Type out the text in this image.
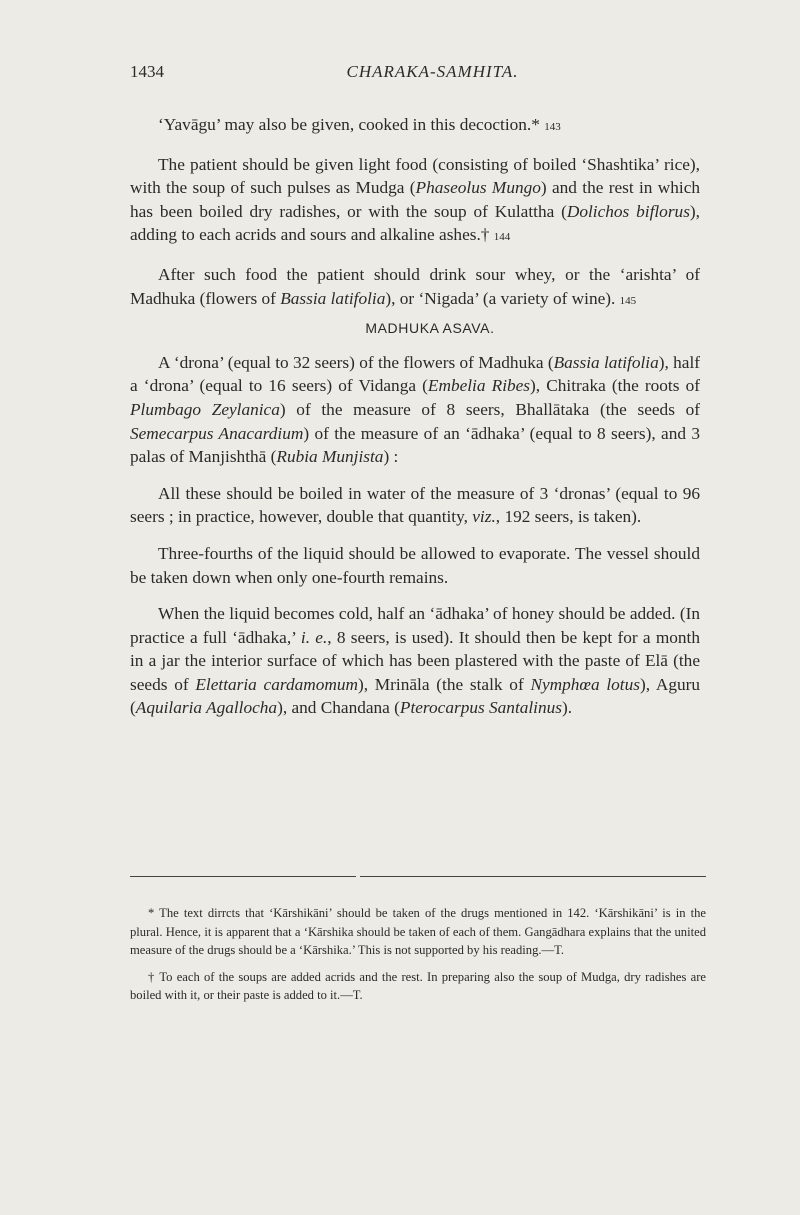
1434	CHARAKA-SAMHITA.

‘Yavāgu’ may also be given, cooked in this decoction.* 143

The patient should be given light food (consisting of boiled ‘Shashtika’ rice), with the soup of such pulses as Mudga (Phaseolus Mungo) and the rest in which has been boiled dry radishes, or with the soup of Kulattha (Dolichos biflorus), adding to each acrids and sours and alkaline ashes.† 144

After such food the patient should drink sour whey, or the ‘arishta’ of Madhuka (flowers of Bassia latifolia), or ‘Nigada’ (a variety of wine). 145

MADHUKA ASAVA.

A ‘drona’ (equal to 32 seers) of the flowers of Madhuka (Bassia latifolia), half a ‘drona’ (equal to 16 seers) of Vidanga (Embelia Ribes), Chitraka (the roots of Plumbago Zeylanica) of the measure of 8 seers, Bhallātaka (the seeds of Semecarpus Anacardium) of the measure of an ‘ādhaka’ (equal to 8 seers), and 3 palas of Manjishthā (Rubia Munjista) :

All these should be boiled in water of the measure of 3 ‘dronas’ (equal to 96 seers ; in practice, however, double that quantity, viz., 192 seers, is taken).

Three-fourths of the liquid should be allowed to evaporate. The vessel should be taken down when only one-fourth remains.

When the liquid becomes cold, half an ‘ādhaka’ of honey should be added. (In practice a full ‘ādhaka,’ i. e., 8 seers, is used). It should then be kept for a month in a jar the interior surface of which has been plastered with the paste of Elā (the seeds of Elettaria cardamomum), Mrināla (the stalk of Nymphœa lotus), Aguru (Aquilaria Agallocha), and Chandana (Pterocarpus Santalinus).

* The text dirrcts that ‘Kārshikāni’ should be taken of the drugs mentioned in 142. ‘Kārshikāni’ is in the plural. Hence, it is apparent that a ‘Kārshika should be taken of each of them. Gangādhara explains that the united measure of the drugs should be a ‘Kārshika.’ This is not supported by his reading.—T.

† To each of the soups are added acrids and the rest. In preparing also the soup of Mudga, dry radishes are boiled with it, or their paste is added to it.—T.
